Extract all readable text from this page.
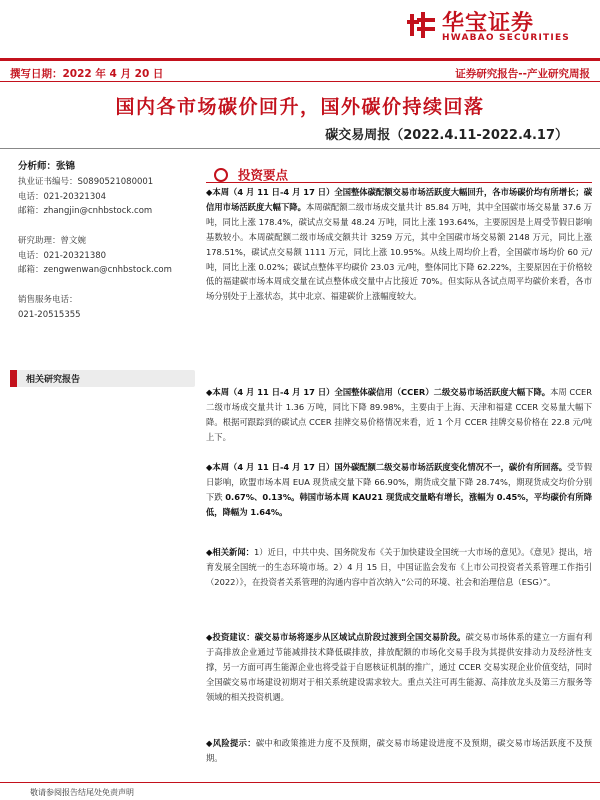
华宝证券
HWABAO SECURITIES
撰写日期：2022 年 4 月 20 日	证券研究报告--产业研究周报
国内各市场碳价回升，国外碳价持续回落
碳交易周报（2022.4.11-2022.4.17）
分析师：张锦
执业证书编号：S0890521080001
电话：021-20321304
邮箱：zhangjin@cnhbstock.com
研究助理：曾文婉
电话：021-20321380
邮箱：zengwenwan@cnhbstock.com
销售服务电话：
021-20515355
相关研究报告
投资要点
◆本周（4 月 11 日-4 月 17 日）全国整体碳配额交易市场活跃度大幅回升，各市场碳价均有所增长；碳信用市场活跃度大幅下降。本周碳配额二级市场成交量共计 85.84 万吨，其中全国碳市场交易量 37.6 万吨，同比上涨 178.4%，碳试点交易量 48.24 万吨，同比上涨 193.64%，主要原因是上周受节假日影响基数较小。本周碳配额二级市场成交额共计 3259 万元，其中全国碳市场交易额 2148 万元，同比上涨 178.51%，碳试点交易额 1111 万元，同比上涨 10.95%。从线上周均价上看，全国碳市场均价 60 元/吨，同比上涨 0.02%；碳试点整体平均碳价 23.03 元/吨，整体同比下降 62.22%，主要原因在于价格较低的福建碳市场本周成交量在试点整体成交量中占比接近 70%。但实际从各试点周平均碳价来看，各市场分别处于上涨状态，其中北京、福建碳价上涨幅度较大。
◆本周（4 月 11 日-4 月 17 日）全国整体碳信用（CCER）二级交易市场活跃度大幅下降。本周 CCER 二级市场成交量共计 1.36 万吨，同比下降 89.98%，主要由于上海、天津和福建 CCER 交易量大幅下降。根据可跟踪到的碳试点 CCER 挂牌交易价格情况来看，近 1 个月 CCER 挂牌交易价格在 22.8 元/吨上下。
◆本周（4 月 11 日-4 月 17 日）国外碳配额二级交易市场活跃度变化情况不一，碳价有所回落。受节假日影响，欧盟市场本周 EUA 现货成交量下降 66.90%，期货成交量下降 28.74%，期现货成交均价分别下跌 0.67%、0.13%。韩国市场本周 KAU21 现货成交量略有增长，涨幅为 0.45%，平均碳价有所降低，降幅为 1.64%。
◆相关新闻：1）近日，中共中央、国务院发布《关于加快建设全国统一大市场的意见》。《意见》提出，培育发展全国统一的生态环境市场。2）4 月 15 日，中国证监会发布《上市公司投资者关系管理工作指引（2022）》，在投资者关系管理的沟通内容中首次纳入“公司的环境、社会和治理信息（ESG）”。
◆投资建议：碳交易市场将逐步从区域试点阶段过渡到全国交易阶段。碳交易市场体系的建立一方面有利于高排放企业通过节能减排技术降低碳排放，排放配额的市场化交易手段为其提供安排动力及经济性支撑，另一方面可再生能源企业也将受益于自愿核证机制的推广，通过 CCER 交易实现企业价值变结，同时全国碳交易市场建设初期对于相关系统建设需求较大。重点关注可再生能源、高排放龙头及第三方服务等领域的相关投资机遇。
◆风险提示：碳中和政策推进力度不及预期，碳交易市场建设进度不及预期，碳交易市场活跃度不及预期。
敬请参阅报告结尾处免责声明
